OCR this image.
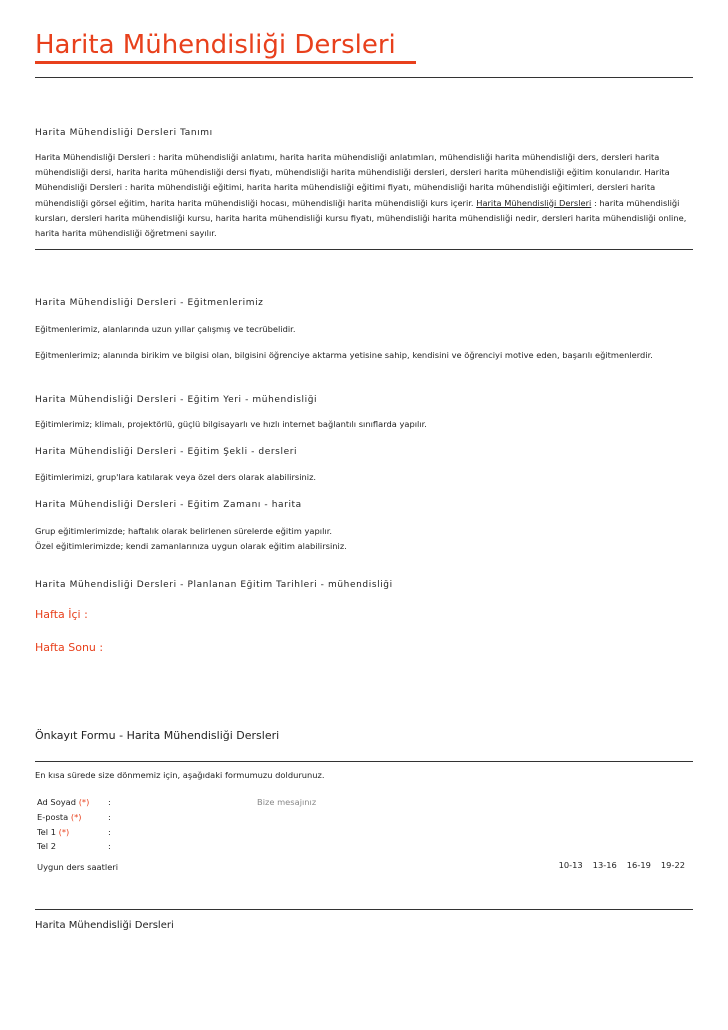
Harita Mühendisliği Dersleri
Harita Mühendisliği Dersleri Tanımı
Harita Mühendisliği Dersleri : harita mühendisliği anlatımı, harita harita mühendisliği anlatımları, mühendisliği harita mühendisliği ders, dersleri harita mühendisliği dersi, harita harita mühendisliği dersi fiyatı, mühendisliği harita mühendisliği dersleri, dersleri harita mühendisliği eğitim konularıdır. Harita Mühendisliği Dersleri : harita mühendisliği eğitimi, harita harita mühendisliği eğitimi fiyatı, mühendisliği harita mühendisliği eğitimleri, dersleri harita mühendisliği görsel eğitim, harita harita mühendisliği hocası, mühendisliği harita mühendisliği kurs içerir. Harita Mühendisliği Dersleri : harita mühendisliği kursları, dersleri harita mühendisliği kursu, harita harita mühendisliği kursu fiyatı, mühendisliği harita mühendisliği nedir, dersleri harita mühendisliği online, harita harita mühendisliği öğretmeni sayılır.
Harita Mühendisliği Dersleri - Eğitmenlerimiz
Eğitmenlerimiz, alanlarında uzun yıllar çalışmış ve tecrübelidir.
Eğitmenlerimiz; alanında birikim ve bilgisi olan, bilgisini öğrenciye aktarma yetisine sahip, kendisini ve öğrenciyi motive eden, başarılı eğitmenlerdir.
Harita Mühendisliği Dersleri - Eğitim Yeri - mühendisliği
Eğitimlerimiz; klimalı, projektörlü, güçlü bilgisayarlı ve hızlı internet bağlantılı sınıflarda yapılır.
Harita Mühendisliği Dersleri - Eğitim Şekli - dersleri
Eğitimlerimizi, grup'lara katılarak veya özel ders olarak alabilirsiniz.
Harita Mühendisliği Dersleri - Eğitim Zamanı - harita
Grup eğitimlerimizde; haftalık olarak belirlenen sürelerde eğitim yapılır.
Özel eğitimlerimizde; kendi zamanlarınıza uygun olarak eğitim alabilirsiniz.
Harita Mühendisliği Dersleri - Planlanan Eğitim Tarihleri - mühendisliği
Hafta İçi :
Hafta Sonu :
Önkayıt Formu - Harita Mühendisliği Dersleri
En kısa sürede size dönmemiz için, aşağıdaki formumuzu doldurunuz.
Ad Soyad (*) :
E-posta (*)	:
Tel 1 (*)	:
Tel 2	:
Bize mesajınız
Uygun ders saatleri	10-13 13-16 16-19 19-22
Harita Mühendisliği Dersleri
